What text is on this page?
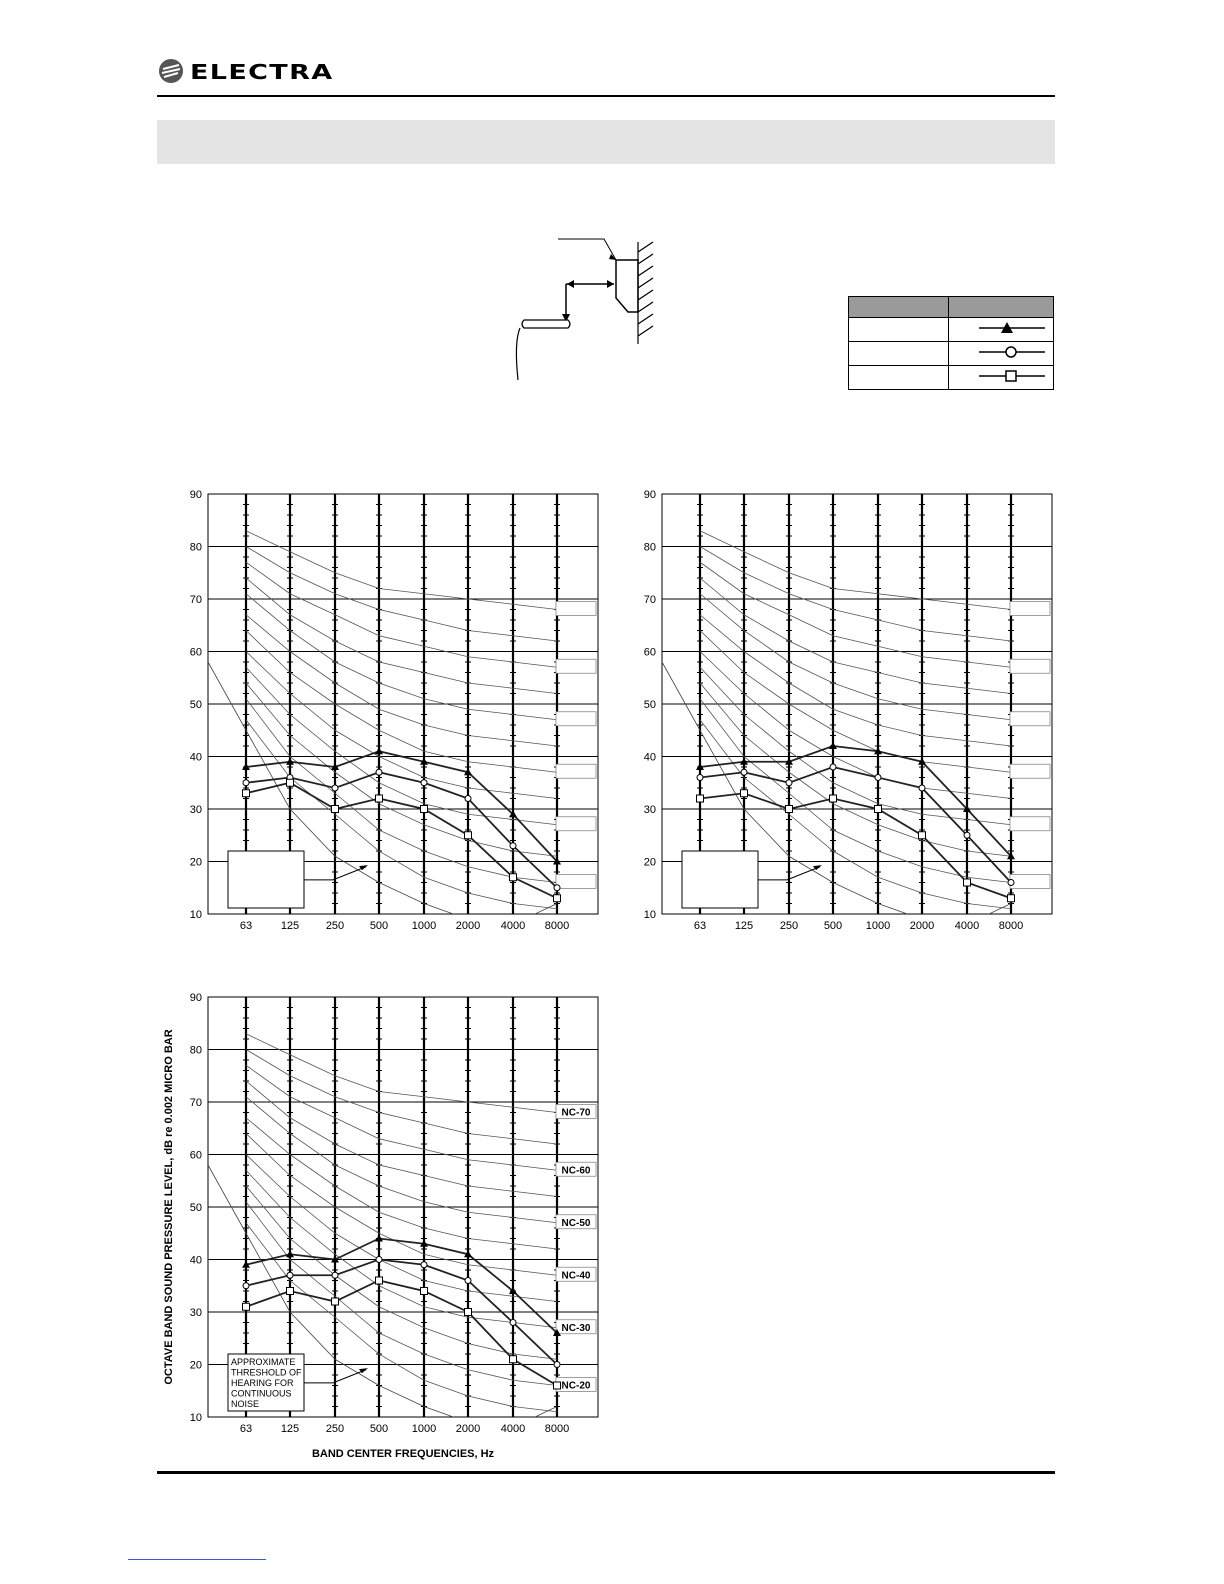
ELECTRA

10
20
30
40
50
60
70
80
90
63	125 250 500 1000 2000 4000 8000
10
20
30
40
50
60
70
80
90
63	125 250 500 1000 2000 4000 8000
10
20
30
40
50
60
70
80
90
63	125 250 500 1000 2000 4000 8000
NC-70
NC-60
NC-50
NC-40
NC-30
NC-20
APPROXIMATE
THRESHOLD OF
HEARING FOR
CONTINUOUS
NOISE
BAND CENTER FREQUENCIES, Hz
OCTAVE BAND SOUND PRESSURE LEVEL, dB re 0.002 MICRO BAR
